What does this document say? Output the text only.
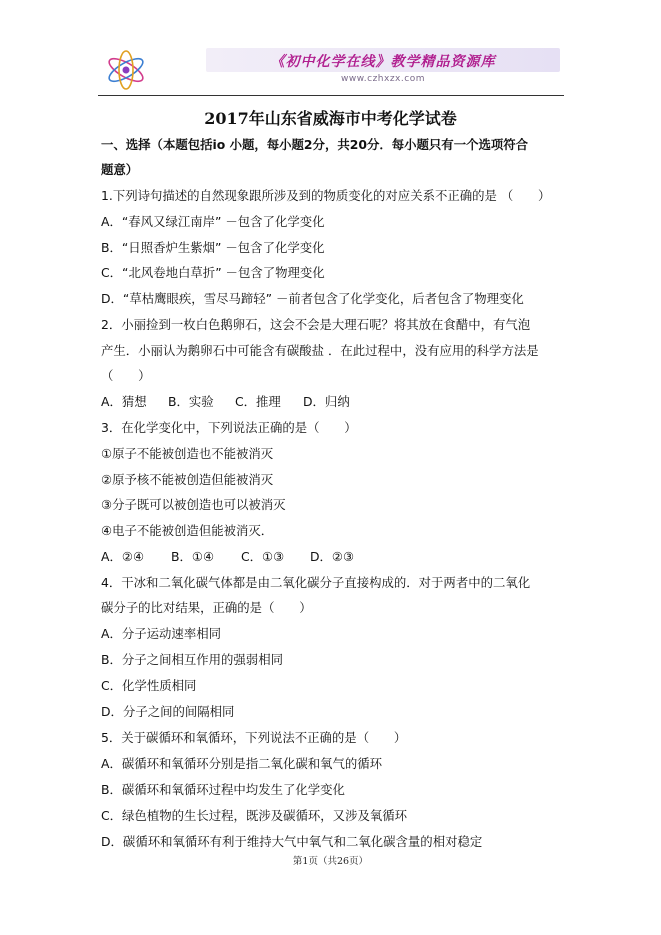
《初中化学在线》教学精品资源库
www.czhxzx.com
2017年山东省威海市中考化学试卷
一、选择（本题包括io 小题，每小题2分，共20分．每小题只有一个选项符合
题意）
1.下列诗句描述的自然现象跟所涉及到的物质变化的对应关系不正确的是 （　　）
A．“春风又绿江南岸” －包含了化学变化
B．“日照香炉生紫烟” －包含了化学变化
C．“北风卷地白草折” －包含了物理变化
D．“草枯鹰眼疾，雪尽马蹄轻” －前者包含了化学变化，后者包含了物理变化
2．小丽捡到一枚白色鹅卵石，这会不会是大理石呢？将其放在食醋中，有气泡
产生．小丽认为鹅卵石中可能含有碳酸盐 ．在此过程中，没有应用的科学方法是
（　　）
A．猜想	B．实验	C．推理	D．归纳
3．在化学变化中，下列说法正确的是（　　）
①原子不能被创造也不能被消灭
②原予核不能被创造但能被消灭
③分子既可以被创造也可以被消灭
④电子不能被创造但能被消灭．
A．②④	B．①④	C．①③	D．②③
4．干冰和二氧化碳气体都是由二氧化碳分子直接构成的．对于两者中的二氧化
碳分子的比对结果，正确的是（　　）
A．分子运动速率相同
B．分子之间相互作用的强弱相同
C．化学性质相同
D．分子之间的间隔相同
5．关于碳循环和氧循环，下列说法不正确的是（　　）
A．碳循环和氧循环分别是指二氧化碳和氧气的循环
B．碳循环和氧循环过程中均发生了化学变化
C．绿色植物的生长过程，既涉及碳循环，又涉及氧循环
D．碳循环和氧循环有利于维持大气中氧气和二氧化碳含量的相对稳定
第1页（共26页）
